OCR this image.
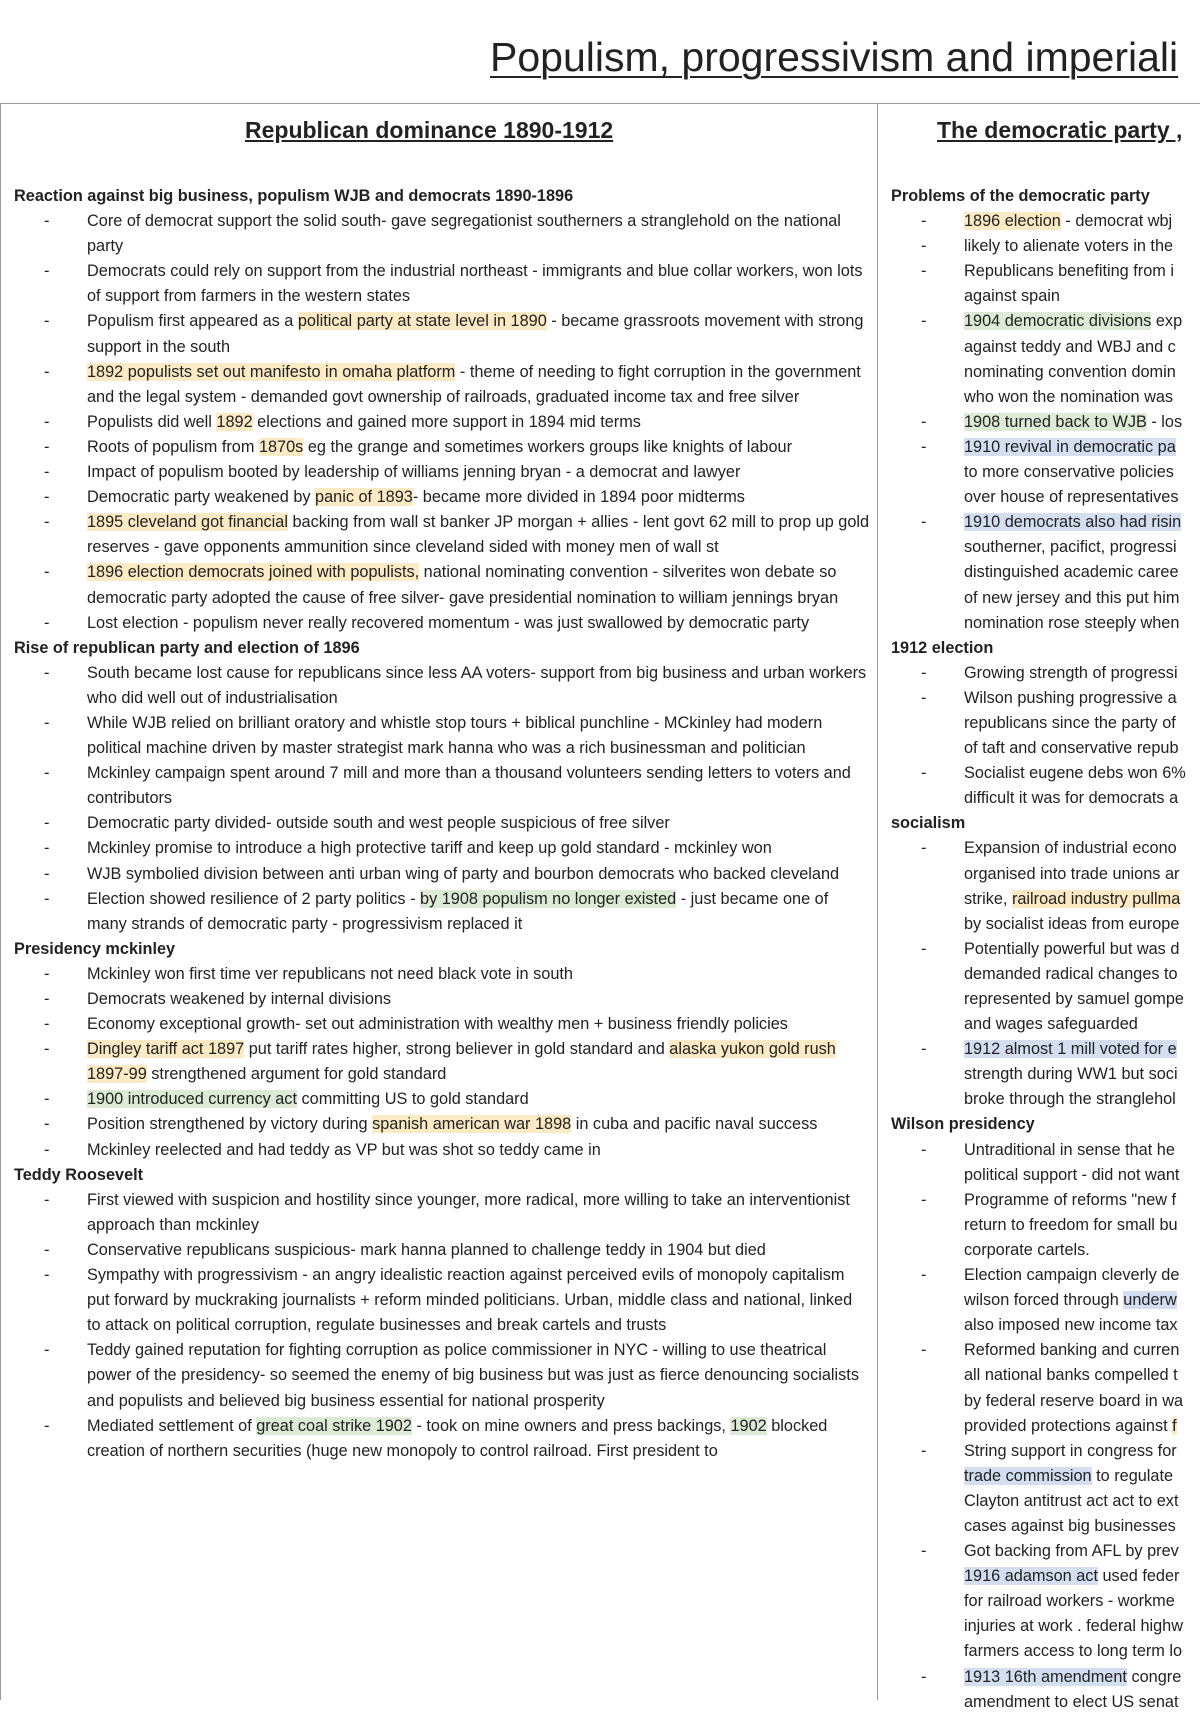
Populism, progressivism and imperiali
Republican dominance 1890-1912	The democratic party ,

Reaction against big business, populism WJB and democrats 1890-1896

- Core of democrat support the solid south- gave segregationist southerners a stranglehold on the national party

- Democrats could rely on support from the industrial northeast - immigrants and blue collar workers, won lots of support from farmers in the western states

- Populism first appeared as a political party at state level in 1890 - became grassroots movement with strong support in the south

- 1892 populists set out manifesto in omaha platform - theme of needing to fight corruption in the government and the legal system - demanded govt ownership of railroads, graduated income tax and free silver

- Populists did well 1892 elections and gained more support in 1894 mid terms

- Roots of populism from 1870s eg the grange and sometimes workers groups like knights of labour

- Impact of populism booted by leadership of williams jenning bryan - a democrat and lawyer

- Democratic party weakened by panic of 1893- became more divided in 1894 poor midterms

- 1895 cleveland got financial backing from wall st banker JP morgan + allies - lent govt 62 mill to prop up gold reserves - gave opponents ammunition since cleveland sided with money men of wall st

- 1896 election democrats joined with populists, national nominating convention - silverites won debate so democratic party adopted the cause of free silver- gave presidential nomination to william jennings bryan

- Lost election - populism never really recovered momentum - was just swallowed by democratic party

Rise of republican party and election of 1896

- South became lost cause for republicans since less AA voters- support from big business and urban workers who did well out of industrialisation

- While WJB relied on brilliant oratory and whistle stop tours + biblical punchline - MCkinley had modern political machine driven by master strategist mark hanna who was a rich businessman and politician

- Mckinley campaign spent around 7 mill and more than a thousand volunteers sending letters to voters and contributors

- Democratic party divided- outside south and west people suspicious of free silver

- Mckinley promise to introduce a high protective tariff and keep up gold standard - mckinley won

- WJB symbolied division between anti urban wing of party and bourbon democrats who backed cleveland

- Election showed resilience of 2 party politics - by 1908 populism no longer existed - just became one of many strands of democratic party - progressivism replaced it

Presidency mckinley

- Mckinley won first time ver republicans not need black vote in south

- Democrats weakened by internal divisions

- Economy exceptional growth- set out administration with wealthy men + business friendly policies

- Dingley tariff act 1897 put tariff rates higher, strong believer in gold standard and alaska yukon gold rush 1897-99 strengthened argument for gold standard

- 1900 introduced currency act committing US to gold standard

- Position strengthened by victory during spanish american war 1898 in cuba and pacific naval success

- Mckinley reelected and had teddy as VP but was shot so teddy came in

Teddy Roosevelt

- First viewed with suspicion and hostility since younger, more radical, more willing to take an interventionist approach than mckinley

- Conservative republicans suspicious- mark hanna planned to challenge teddy in 1904 but died

- Sympathy with progressivism - an angry idealistic reaction against perceived evils of monopoly capitalism put forward by muckraking journalists + reform minded politicians. Urban, middle class and national, linked to attack on political corruption, regulate businesses and break cartels and trusts

- Teddy gained reputation for fighting corruption as police commissioner in NYC - willing to use theatrical power of the presidency- so seemed the enemy of big business but was just as fierce denouncing socialists and populists and believed big business essential for national prosperity

- Mediated settlement of great coal strike 1902 - took on mine owners and press backings, 1902 blocked creation of northern securities (huge new monopoly to control railroad. First president to

Problems of the democratic party

- 1896 election - democrat wbj

- likely to alienate voters in the

- Republicans benefiting from i

against spain

- 1904 democratic divisions exp

against teddy and WBJ and c

nominating convention domin

who won the nomination was

- 1908 turned back to WJB - los

- 1910 revival in democratic pa

to more conservative policies

over house of representatives

- 1910 democrats also had risin

southerner, pacifict, progressi

distinguished academic caree

of new jersey and this put him

nomination rose steeply when

1912 election

- Growing strength of progressi

- Wilson pushing progressive a

republicans since the party of

of taft and conservative repub

- Socialist eugene debs won 6%

difficult it was for democrats a

socialism

- Expansion of industrial econo

organised into trade unions ar

strike, railroad industry pullma

by socialist ideas from europe

- Potentially powerful but was d

demanded radical changes to

represented by samuel gompe

and wages safeguarded

- 1912 almost 1 mill voted for e

strength during WW1 but soci

broke through the stranglehol

Wilson presidency

- Untraditional in sense that he

political support - did not want

- Programme of reforms "new f

return to freedom for small bu

corporate cartels.

- Election campaign cleverly de

wilson forced through underw

also imposed new income tax

- Reformed banking and curren

all national banks compelled t

by federal reserve board in wa

provided protections against f

- String support in congress for

trade commission to regulate

Clayton antitrust act act to ext

cases against big businesses

- Got backing from AFL by prev

1916 adamson act used feder

for railroad workers - workme

injuries at work . federal highw

farmers access to long term lo

- 1913 16th amendment congre

amendment to elect US senat
